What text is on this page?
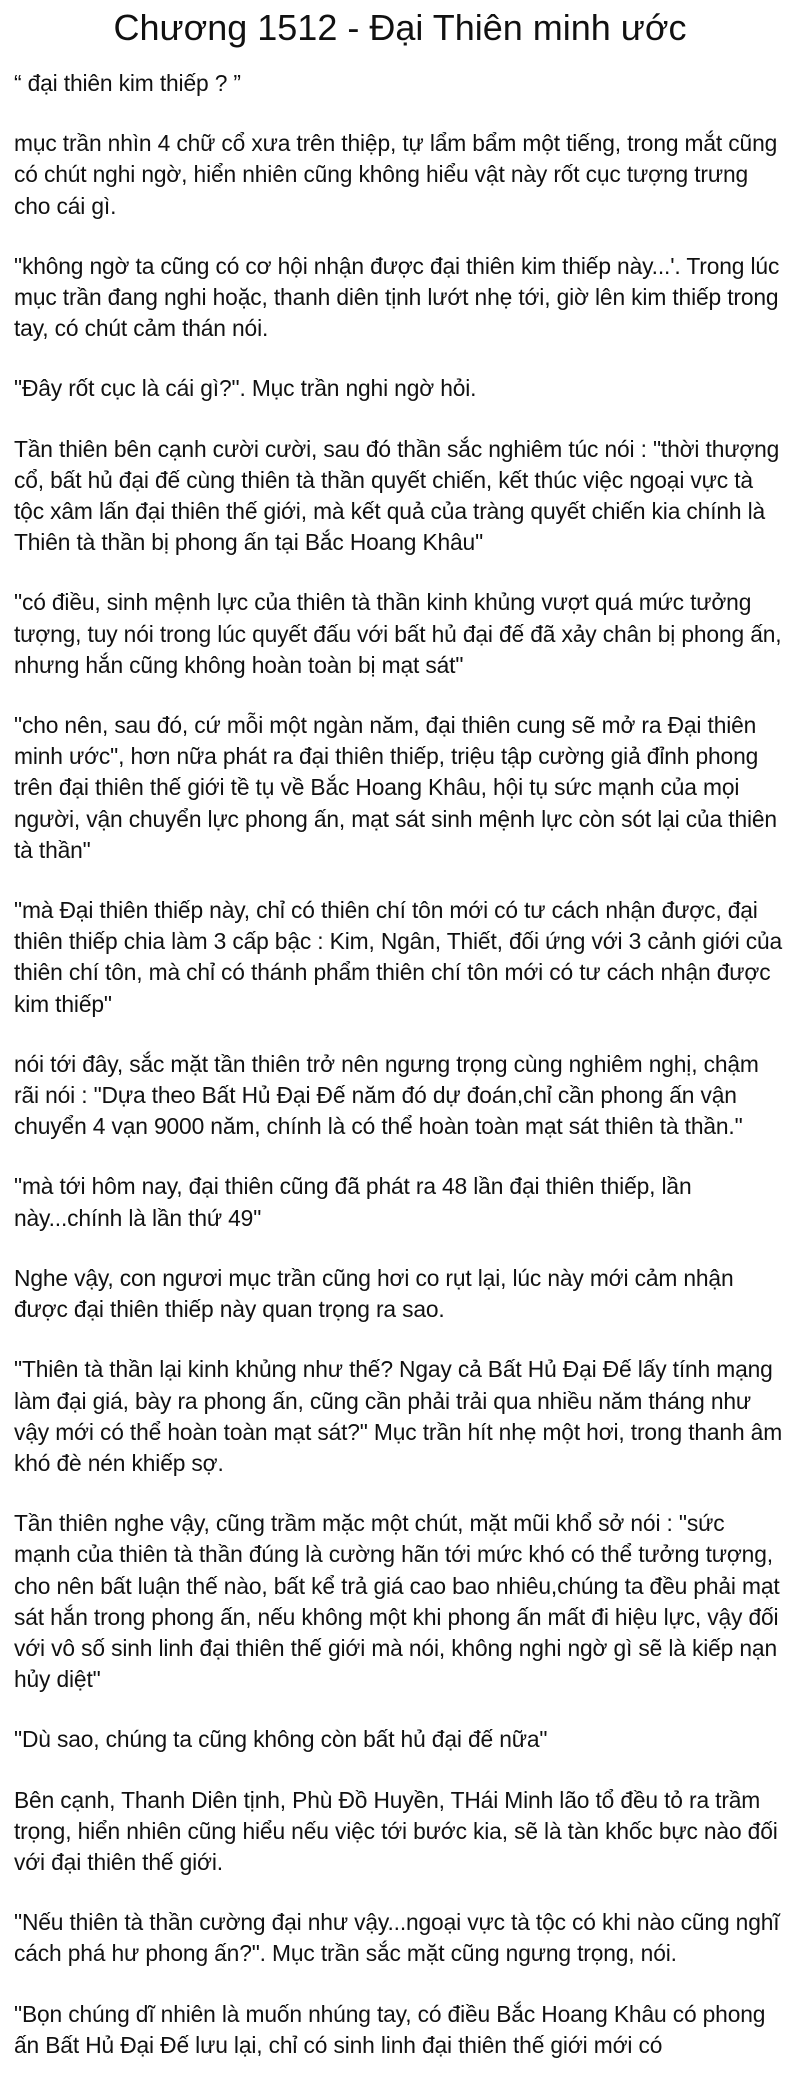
Chương 1512 - Đại Thiên minh ước

“ đại thiên kim thiếp ? ”

mục trần nhìn 4 chữ cổ xưa trên thiệp, tự lẩm bẩm một tiếng, trong mắt cũng có chút nghi ngờ, hiển nhiên cũng không hiểu vật này rốt cục tượng trưng cho cái gì.

"không ngờ ta cũng có cơ hội nhận được đại thiên kim thiếp này...'. Trong lúc mục trần đang nghi hoặc, thanh diên tịnh lướt nhẹ tới, giờ lên kim thiếp trong tay, có chút cảm thán nói.

"Đây rốt cục là cái gì?". Mục trần nghi ngờ hỏi.

Tần thiên bên cạnh cười cười, sau đó thần sắc nghiêm túc nói : "thời thượng cổ, bất hủ đại đế cùng thiên tà thần quyết chiến, kết thúc việc ngoại vực tà tộc xâm lấn đại thiên thế giới, mà kết quả của tràng quyết chiến kia chính là Thiên tà thần bị phong ấn tại Bắc Hoang Khâu"

"có điều, sinh mệnh lực của thiên tà thần kinh khủng vượt quá mức tưởng tượng, tuy nói trong lúc quyết đấu với bất hủ đại đế đã xảy chân bị phong ấn, nhưng hắn cũng không hoàn toàn bị mạt sát"

"cho nên, sau đó, cứ mỗi một ngàn năm, đại thiên cung sẽ mở ra Đại thiên minh ước", hơn nữa phát ra đại thiên thiếp, triệu tập cường giả đỉnh phong trên đại thiên thế giới tề tụ về Bắc Hoang Khâu, hội tụ sức mạnh của mọi người, vận chuyển lực phong ấn, mạt sát sinh mệnh lực còn sót lại của thiên tà thần"

"mà Đại thiên thiếp này, chỉ có thiên chí tôn mới có tư cách nhận được, đại thiên thiếp chia làm 3 cấp bậc : Kim, Ngân, Thiết, đối ứng với 3 cảnh giới của thiên chí tôn, mà chỉ có thánh phẩm thiên chí tôn mới có tư cách nhận được kim thiếp"

nói tới đây, sắc mặt tần thiên trở nên ngưng trọng cùng nghiêm nghị, chậm rãi nói : "Dựa theo Bất Hủ Đại Đế năm đó dự đoán,chỉ cần phong ấn vận chuyển 4 vạn 9000 năm, chính là có thể hoàn toàn mạt sát thiên tà thần."

"mà tới hôm nay, đại thiên cũng đã phát ra 48 lần đại thiên thiếp, lần này...chính là lần thứ 49"

Nghe vậy, con ngươi mục trần cũng hơi co rụt lại, lúc này mới cảm nhận được đại thiên thiếp này quan trọng ra sao.

"Thiên tà thần lại kinh khủng như thế? Ngay cả Bất Hủ Đại Đế lấy tính mạng làm đại giá, bày ra phong ấn, cũng cần phải trải qua nhiều năm tháng như vậy mới có thể hoàn toàn mạt sát?" Mục trần hít nhẹ một hơi, trong thanh âm khó đè nén khiếp sợ.

Tần thiên nghe vậy, cũng trầm mặc một chút, mặt mũi khổ sở nói : "sức mạnh của thiên tà thần đúng là cường hãn tới mức khó có thể tưởng tượng, cho nên bất luận thế nào, bất kể trả giá cao bao nhiêu,chúng ta đều phải mạt sát hắn trong phong ấn, nếu không một khi phong ấn mất đi hiệu lực, vậy đối với vô số sinh linh đại thiên thế giới mà nói, không nghi ngờ gì sẽ là kiếp nạn hủy diệt"

"Dù sao, chúng ta cũng không còn bất hủ đại đế nữa"

Bên cạnh, Thanh Diên tịnh, Phù Đồ Huyền, THái Minh lão tổ đều tỏ ra trầm trọng, hiển nhiên cũng hiểu nếu việc tới bước kia, sẽ là tàn khốc bực nào đối với đại thiên thế giới.

"Nếu thiên tà thần cường đại như vậy...ngoại vực tà tộc có khi nào cũng nghĩ cách phá hư phong ấn?". Mục trần sắc mặt cũng ngưng trọng, nói.

"Bọn chúng dĩ nhiên là muốn nhúng tay, có điều Bắc Hoang Khâu có phong ấn Bất Hủ Đại Đế lưu lại, chỉ có sinh linh đại thiên thế giới mới có
